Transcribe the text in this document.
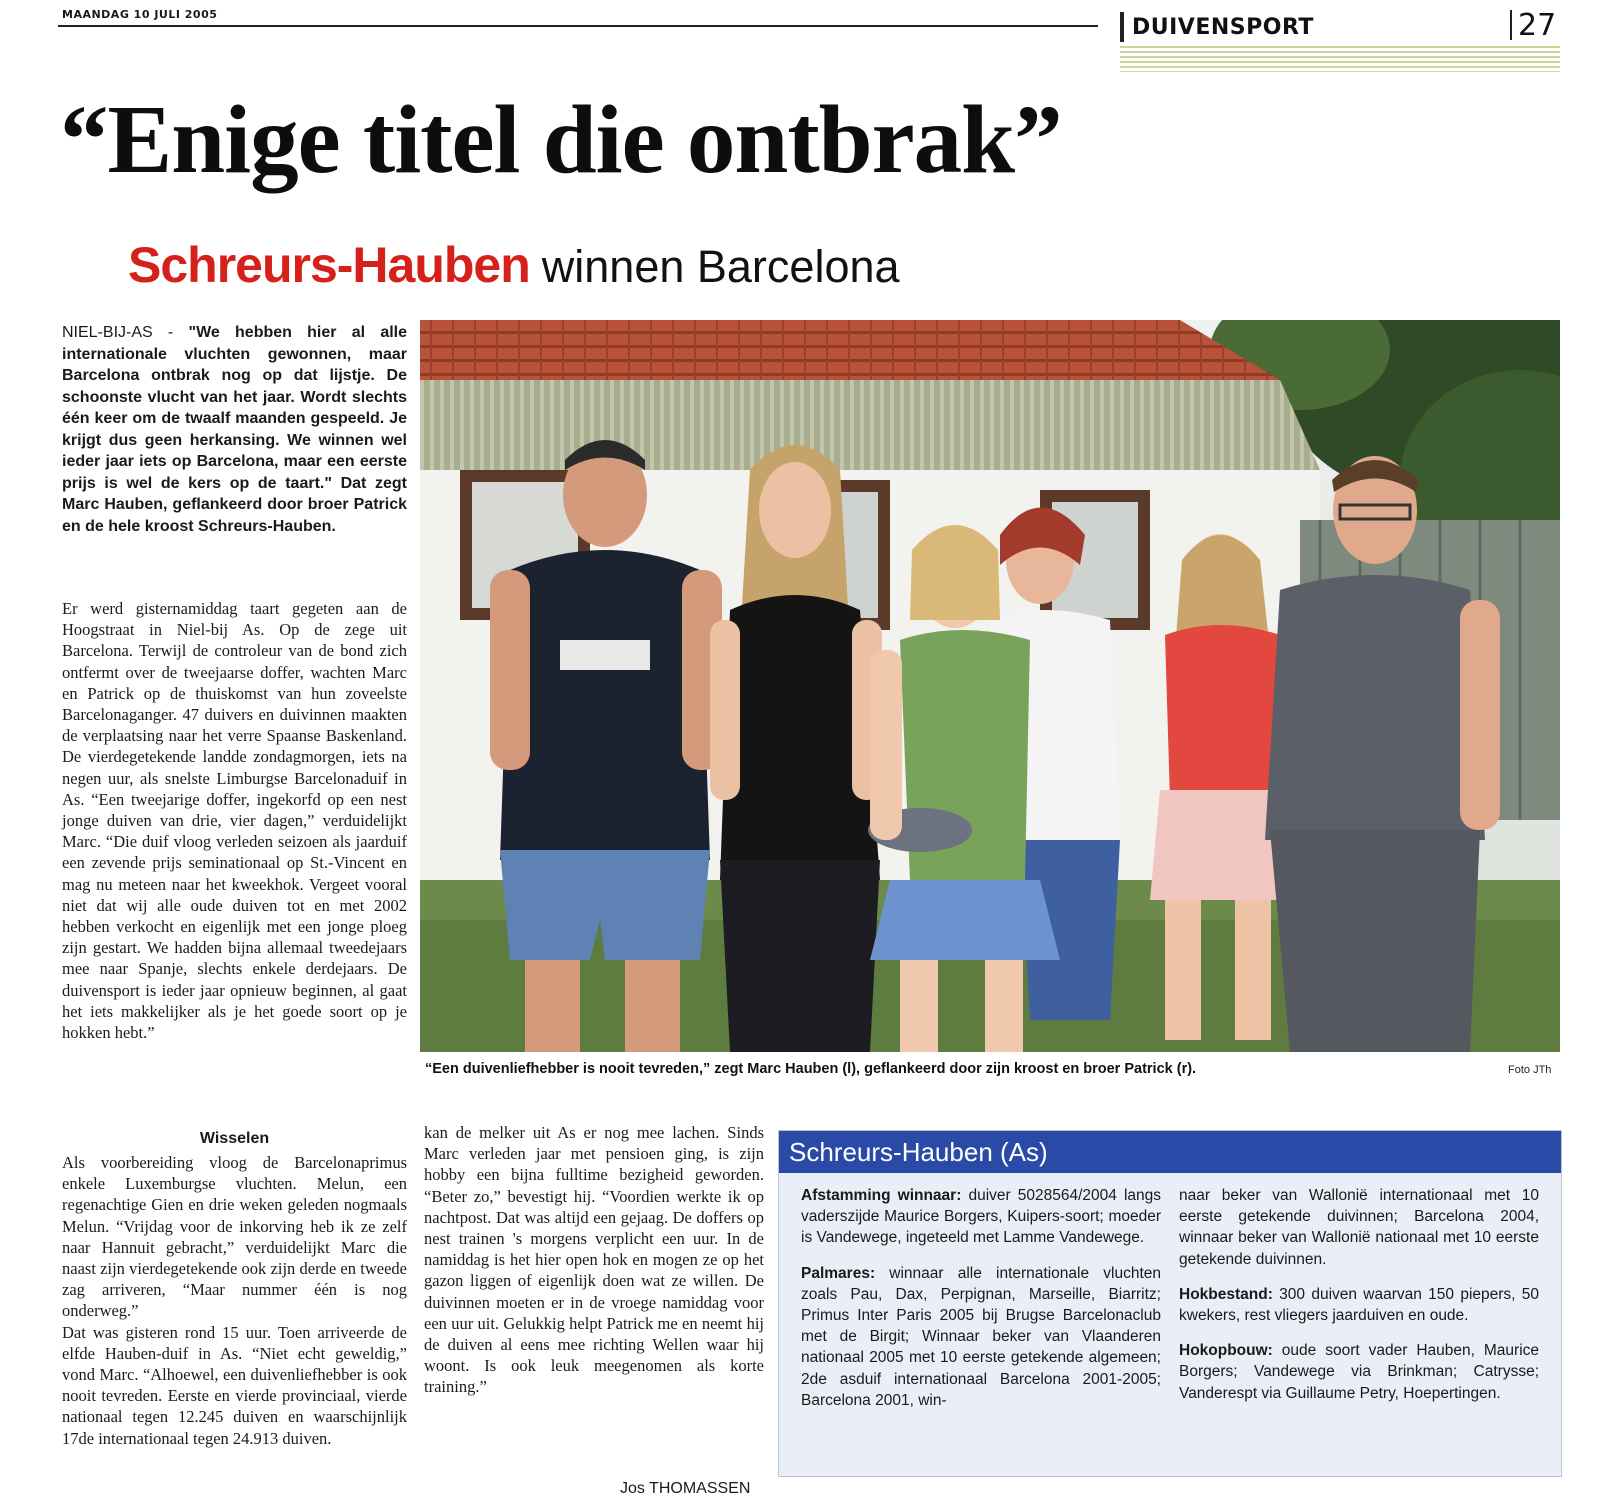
MAANDAG 10 JULI 2005
DUIVENSPORT	27
“Enige titel die ontbrak”
Schreurs-Hauben winnen Barcelona
NIEL-BIJ-AS - "We hebben hier al alle internationale vluchten gewonnen, maar Barcelona ontbrak nog op dat lijstje. De schoonste vlucht van het jaar. Wordt slechts één keer om de twaalf maanden gespeeld. Je krijgt dus geen herkansing. We winnen wel ieder jaar iets op Barcelona, maar een eerste prijs is wel de kers op de taart." Dat zegt Marc Hauben, geflankeerd door broer Patrick en de hele kroost Schreurs-Hauben.
Er werd gisternamiddag taart gegeten aan de Hoogstraat in Niel-bij As. Op de zege uit Barcelona. Terwijl de controleur van de bond zich ontfermt over de tweejaarse doffer, wachten Marc en Patrick op de thuiskomst van hun zoveelste Barcelonaganger. 47 duivers en duivinnen maakten de verplaatsing naar het verre Spaanse Baskenland. De vierdegetekende landde zondagmorgen, iets na negen uur, als snelste Limburgse Barcelonaduif in As. “Een tweejarige doffer, ingekorfd op een nest jonge duiven van drie, vier dagen,” verduidelijkt Marc. “Die duif vloog verleden seizoen als jaarduif een zevende prijs seminationaal op St.-Vincent en mag nu meteen naar het kweekhok. Vergeet vooral niet dat wij alle oude duiven tot en met 2002 hebben verkocht en eigenlijk met een jonge ploeg zijn gestart. We hadden bijna allemaal tweedejaars mee naar Spanje, slechts enkele derdejaars. De duivensport is ieder jaar opnieuw beginnen, al gaat het iets makkelijker als je het goede soort op je hokken hebt.”
Wisselen

Als voorbereiding vloog de Barcelonaprimus enkele Luxemburgse vluchten. Melun, een regenachtige Gien en drie weken geleden nogmaals Melun. “Vrijdag voor de inkorving heb ik ze zelf naar Hannuit gebracht,” verduidelijkt Marc die naast zijn vierdegetekende ook zijn derde en tweede zag arriveren, “Maar nummer één is nog onderweg.”

Dat was gisteren rond 15 uur. Toen arriveerde de elfde Hauben-duif in As. “Niet echt geweldig,” vond Marc. “Alhoewel, een duivenliefhebber is ook nooit tevreden. Eerste en vierde provinciaal, vierde nationaal tegen 12.245 duiven en waarschijnlijk 17de internationaal tegen 24.913 duiven.

kan de melker uit As er nog mee lachen. Sinds Marc verleden jaar met pensioen ging, is zijn hobby een bijna fulltime bezigheid geworden. “Beter zo,” bevestigt hij. “Voordien werkte ik op nachtpost. Dat was altijd een gejaag. De doffers op nest trainen 's morgens verplicht een uur. In de namiddag is het hier open hok en mogen ze op het gazon liggen of eigenlijk doen wat ze willen. De duivinnen moeten er in de vroege namiddag voor een uur uit. Gelukkig helpt Patrick me en neemt hij de duiven al eens mee richting Wellen waar hij woont. Is ook leuk meegenomen als korte training.”
Jos THOMASSEN
“Een duivenliefhebber is nooit tevreden,” zegt Marc Hauben (l), geflankeerd door zijn kroost en broer Patrick (r).	Foto JTh
Schreurs-Hauben (As)

Afstamming winnaar: duiver 5028564/2004 langs vaderszijde Maurice Borgers, Kuipers-soort; moeder is Vandewege, ingeteeld met Lamme Vandewege.

Palmares: winnaar alle internationale vluchten zoals Pau, Dax, Perpignan, Marseille, Biarritz; Primus Inter Paris 2005 bij Brugse Barcelonaclub met de Birgit; Winnaar beker van Vlaanderen nationaal 2005 met 10 eerste getekende algemeen; 2de asduif internationaal Barcelona 2001-2005; Barcelona 2001, win-

naar beker van Wallonië internationaal met 10 eerste getekende duivinnen; Barcelona 2004, winnaar beker van Wallonië nationaal met 10 eerste getekende duivinnen.

Hokbestand: 300 duiven waarvan 150 piepers, 50 kwekers, rest vliegers jaarduiven en oude.

Hokopbouw: oude soort vader Hauben, Maurice Borgers; Vandewege via Brinkman; Catrysse; Vanderespt via Guillaume Petry, Hoepertingen.
